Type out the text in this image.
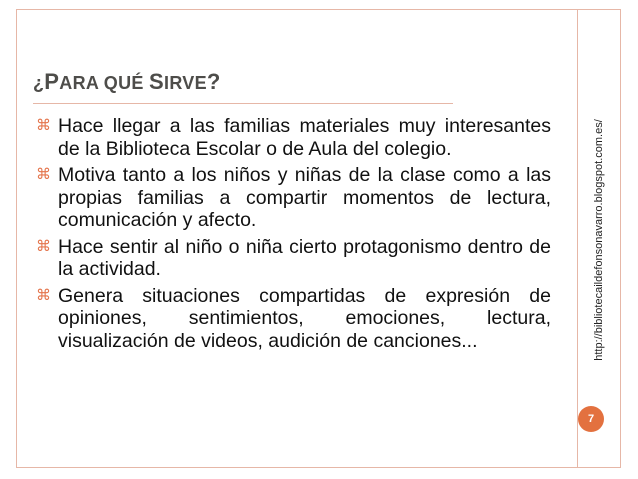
¿PARA QUÉ SIRVE?
⌘ Hace llegar a las familias materiales muy interesantes de la Biblioteca Escolar o de Aula del colegio.
⌘ Motiva tanto a los niños y niñas de la clase como a las propias familias a compartir momentos de lectura, comunicación y afecto.
⌘ Hace sentir al niño o niña cierto protagonismo dentro de la actividad.
⌘ Genera situaciones compartidas de expresión de opiniones, sentimientos, emociones, lectura, visualización de videos, audición de canciones...	http://bibliotecaildefonsonavarro.blogspot.com.es/
7
